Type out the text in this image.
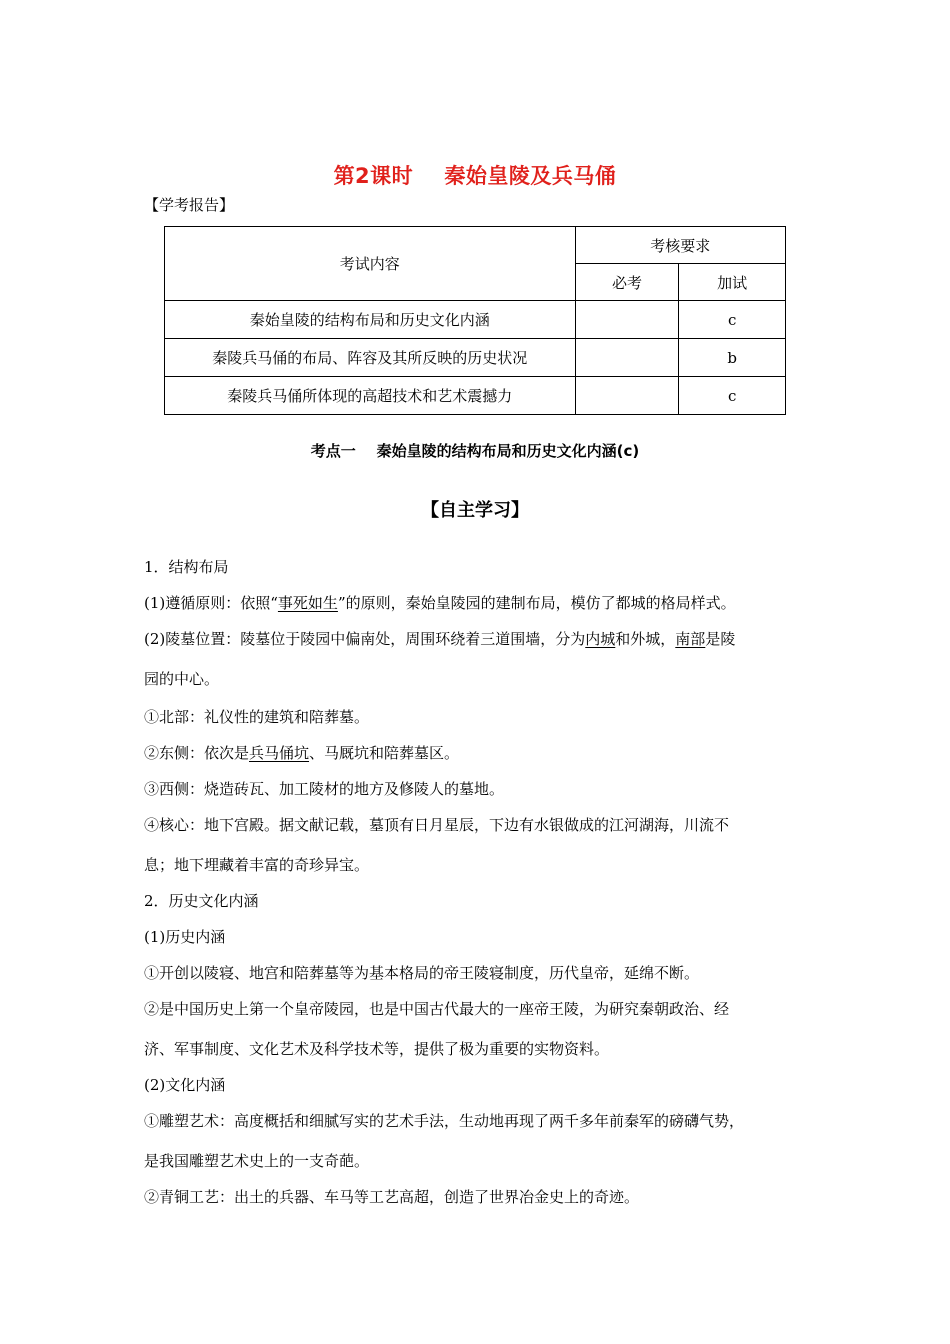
第2课时    秦始皇陵及兵马俑
【学考报告】
考试内容	考核要求	
	必考	加试
秦始皇陵的结构布局和历史文化内涵		c
秦陵兵马俑的布局、阵容及其所反映的历史状况		b
秦陵兵马俑所体现的高超技术和艺术震撼力		c
考点一    秦始皇陵的结构布局和历史文化内涵(c)
【自主学习】
1．结构布局
(1)遵循原则：依照“事死如生”的原则，秦始皇陵园的建制布局，模仿了都城的格局样式。
(2)陵墓位置：陵墓位于陵园中偏南处，周围环绕着三道围墙，分为内城和外城，南部是陵
园的中心。
①北部：礼仪性的建筑和陪葬墓。
②东侧：依次是兵马俑坑、马厩坑和陪葬墓区。
③西侧：烧造砖瓦、加工陵材的地方及修陵人的墓地。
④核心：地下宫殿。据文献记载，墓顶有日月星辰，下边有水银做成的江河湖海，川流不
息；地下埋藏着丰富的奇珍异宝。
2．历史文化内涵
(1)历史内涵
①开创以陵寝、地宫和陪葬墓等为基本格局的帝王陵寝制度，历代皇帝，延绵不断。
②是中国历史上第一个皇帝陵园，也是中国古代最大的一座帝王陵，为研究秦朝政治、经
济、军事制度、文化艺术及科学技术等，提供了极为重要的实物资料。
(2)文化内涵
①雕塑艺术：高度概括和细腻写实的艺术手法，生动地再现了两千多年前秦军的磅礴气势，
是我国雕塑艺术史上的一支奇葩。
②青铜工艺：出土的兵器、车马等工艺高超，创造了世界冶金史上的奇迹。
